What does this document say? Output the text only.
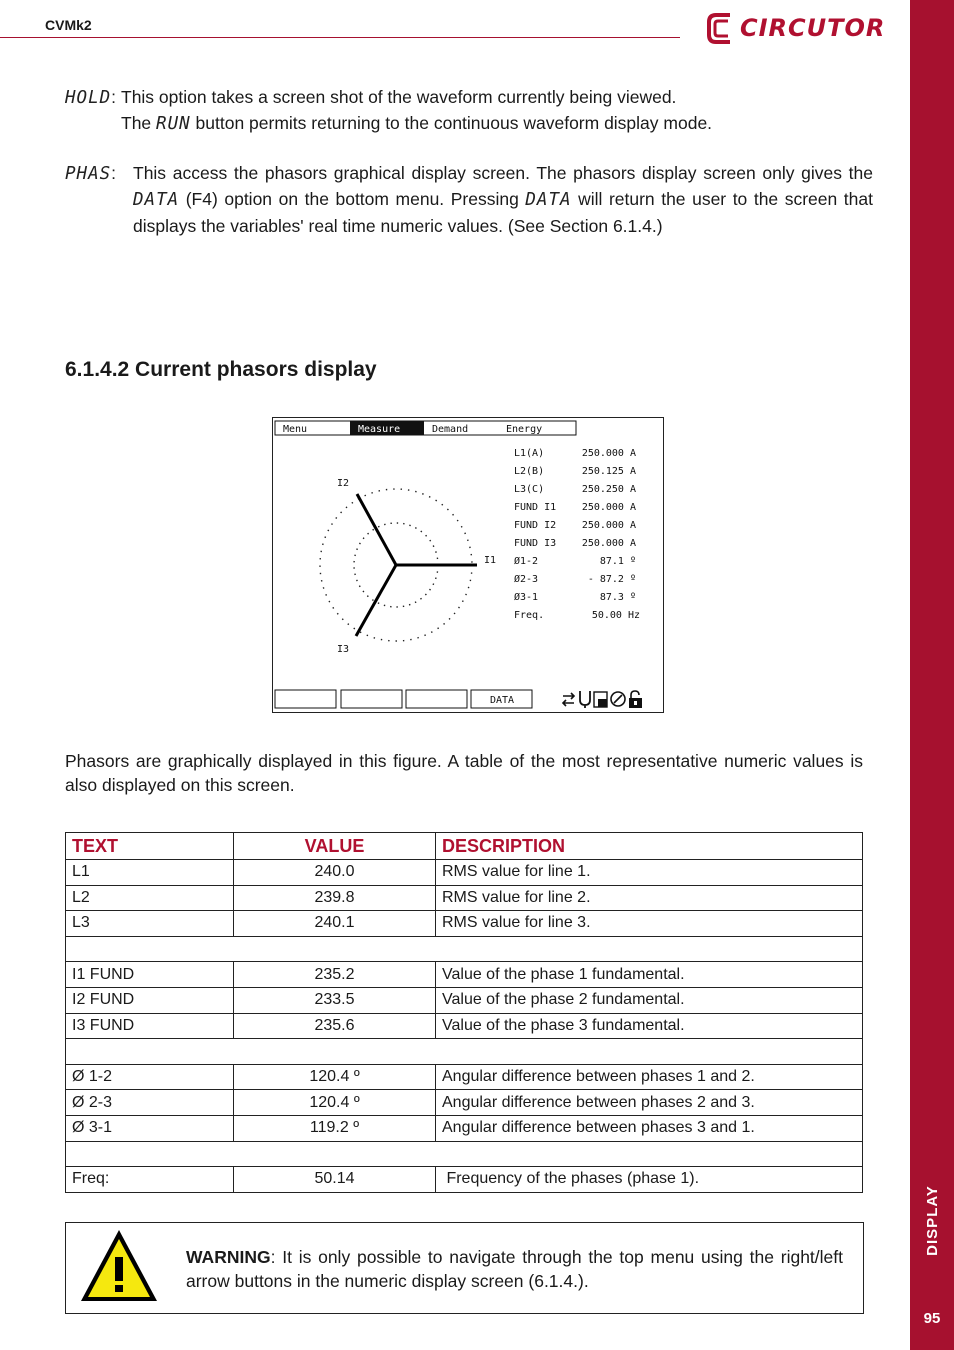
CVMk2	CIRCUTOR
DISPLAY
95
HOLD: This option takes a screen shot of the waveform currently being viewed.
The RUN button permits returning to the continuous waveform display mode.
PHAS: This access the phasors graphical display screen. The phasors display screen only gives the DATA (F4) option on the bottom menu. Pressing DATA will return the user to the screen that displays the variables' real time numeric values. (See Section 6.1.4.)
6.1.4.2 Current phasors display
Menu	Measure	Demand	Energy
I1
I2
I3
L1(A)	250.000 A
L2(B)	250.125 A
L3(C)	250.250 A
FUND I1	250.000 A
FUND I2	250.000 A
FUND I3	250.000 A
Ø1-2	87.1 º
Ø2-3	- 87.2 º
Ø3-1	87.3 º
Freq.	50.00 Hz
DATA
Phasors are graphically displayed in this figure. A table of the most representative numeric values is also displayed on this screen.
TEXT	VALUE	DESCRIPTION
L1	240.0	RMS value for line 1.
L2	239.8	RMS value for line 2.
L3	240.1	RMS value for line 3.

I1 FUND	235.2	Value of the phase 1 fundamental.
I2 FUND	233.5	Value of the phase 2 fundamental.
I3 FUND	235.6	Value of the phase 3 fundamental.

Ø 1-2	120.4 º	Angular difference between phases 1 and 2.
Ø 2-3	120.4 º	Angular difference between phases 2 and 3.
Ø 3-1	119.2 º	Angular difference between phases 3 and 1.

Freq:	50.14	Frequency of the phases (phase 1).
WARNING: It is only possible to navigate through the top menu using the right/left arrow buttons in the numeric display screen (6.1.4.).
